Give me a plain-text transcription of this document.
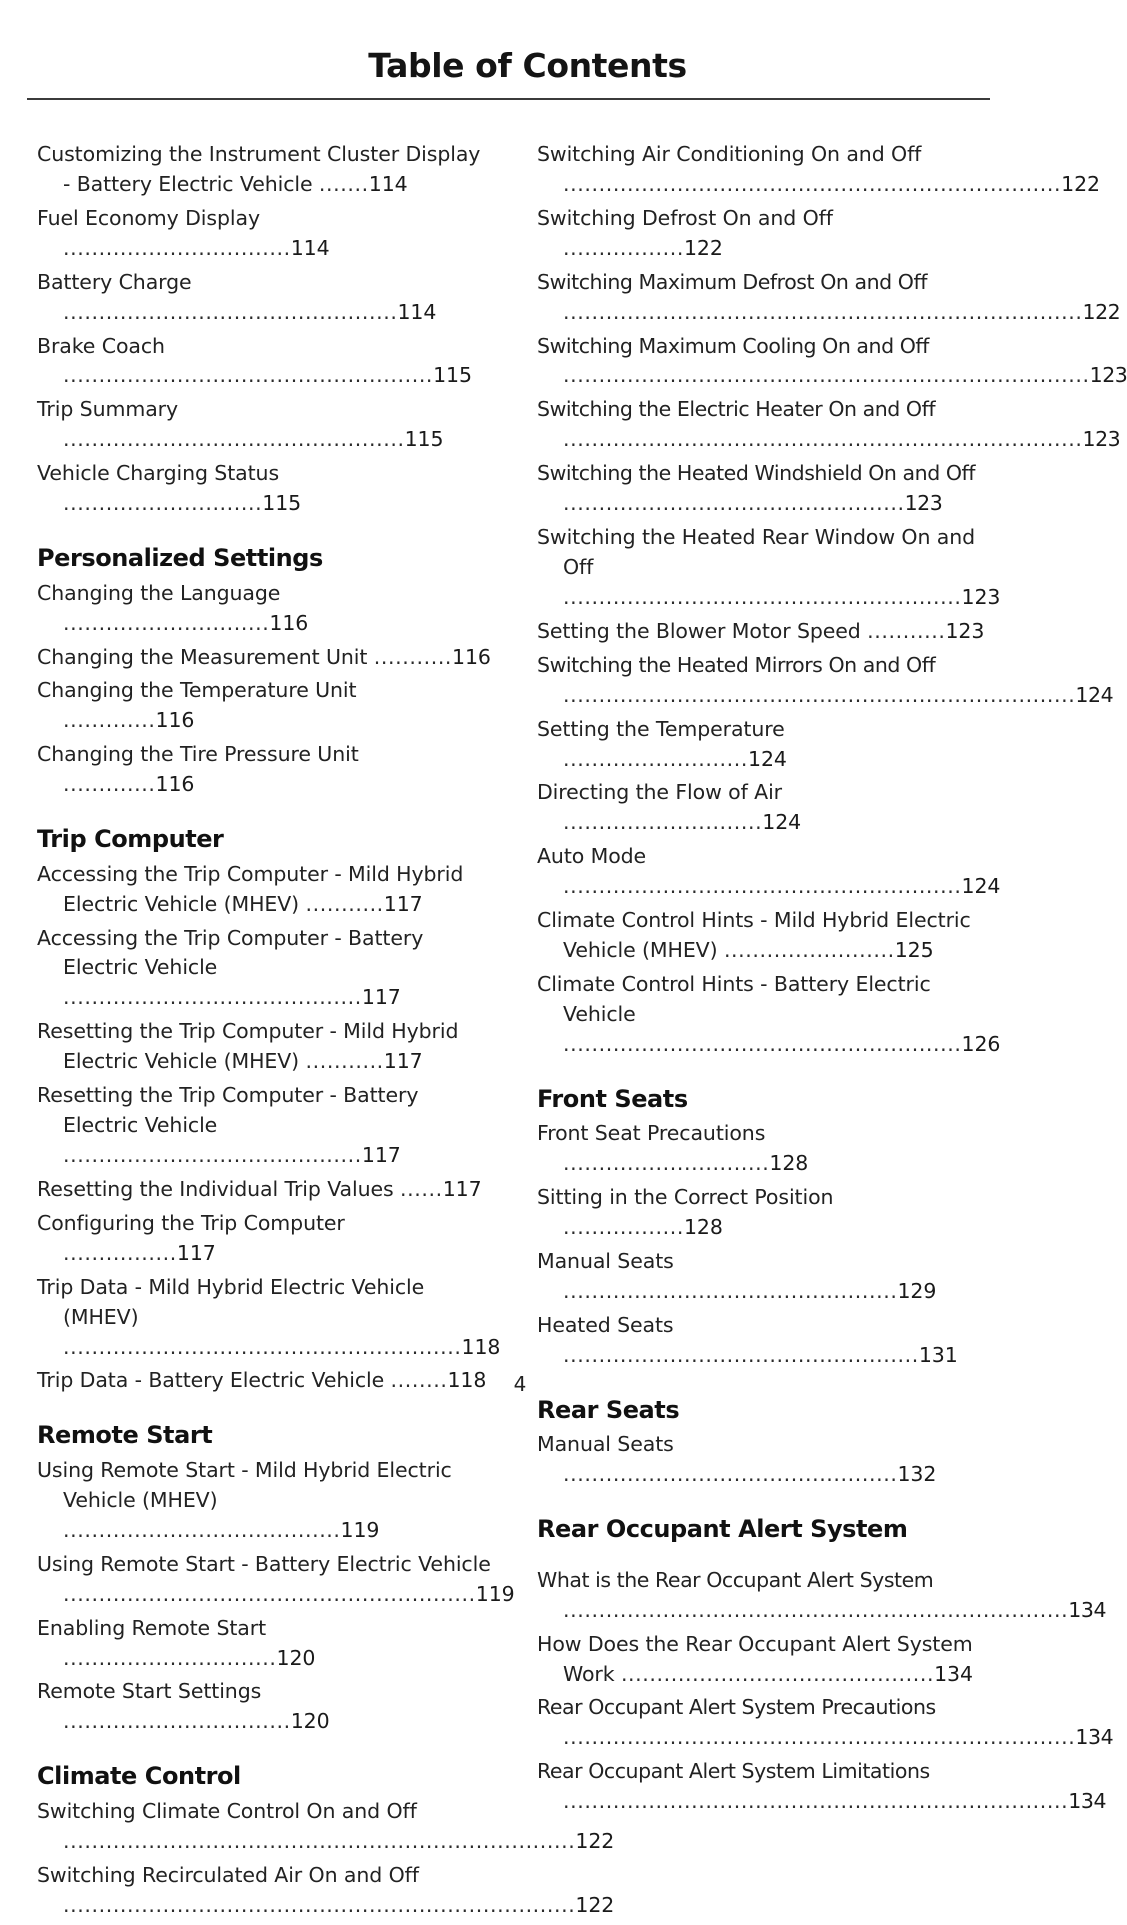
Table of Contents
Customizing the Instrument Cluster Display - Battery Electric Vehicle .......114
Fuel Economy Display ................................114
Battery Charge ...............................................114
Brake Coach ....................................................115
Trip Summary ................................................115
Vehicle Charging Status ............................115
Personalized Settings
Changing the Language .............................116
Changing the Measurement Unit ...........116
Changing the Temperature Unit .............116
Changing the Tire Pressure Unit .............116
Trip Computer
Accessing the Trip Computer - Mild Hybrid Electric Vehicle (MHEV) ...........117
Accessing the Trip Computer - Battery Electric Vehicle ..........................................117
Resetting the Trip Computer - Mild Hybrid Electric Vehicle (MHEV) ...........117
Resetting the Trip Computer - Battery Electric Vehicle ..........................................117
Resetting the Individual Trip Values ......117
Configuring the Trip Computer ................117
Trip Data - Mild Hybrid Electric Vehicle (MHEV) ........................................................118
Trip Data - Battery Electric Vehicle ........118
Remote Start
Using Remote Start - Mild Hybrid Electric Vehicle (MHEV) .......................................119
Using Remote Start - Battery Electric Vehicle ..........................................................119
Enabling Remote Start ..............................120
Remote Start Settings ................................120
Climate Control
Switching Climate Control On and Off ........................................................................122
Switching Recirculated Air On and Off ........................................................................122
Switching Air Conditioning On and Off ......................................................................122
Switching Defrost On and Off .................122
Switching Maximum Defrost On and Off .........................................................................122
Switching Maximum Cooling On and Off ..........................................................................123
Switching the Electric Heater On and Off .........................................................................123
Switching the Heated Windshield On and Off ................................................123
Switching the Heated Rear Window On and Off ........................................................123
Setting the Blower Motor Speed ...........123
Switching the Heated Mirrors On and Off ........................................................................124
Setting the Temperature ..........................124
Directing the Flow of Air ............................124
Auto Mode ........................................................124
Climate Control Hints - Mild Hybrid Electric Vehicle (MHEV) ........................125
Climate Control Hints - Battery Electric Vehicle ........................................................126
Front Seats
Front Seat Precautions .............................128
Sitting in the Correct Position .................128
Manual Seats ...............................................129
Heated Seats ..................................................131
Rear Seats
Manual Seats ...............................................132
Rear Occupant Alert System
What is the Rear Occupant Alert System .......................................................................134
How Does the Rear Occupant Alert System Work ............................................134
Rear Occupant Alert System Precautions ........................................................................134
Rear Occupant Alert System Limitations .......................................................................134
4
